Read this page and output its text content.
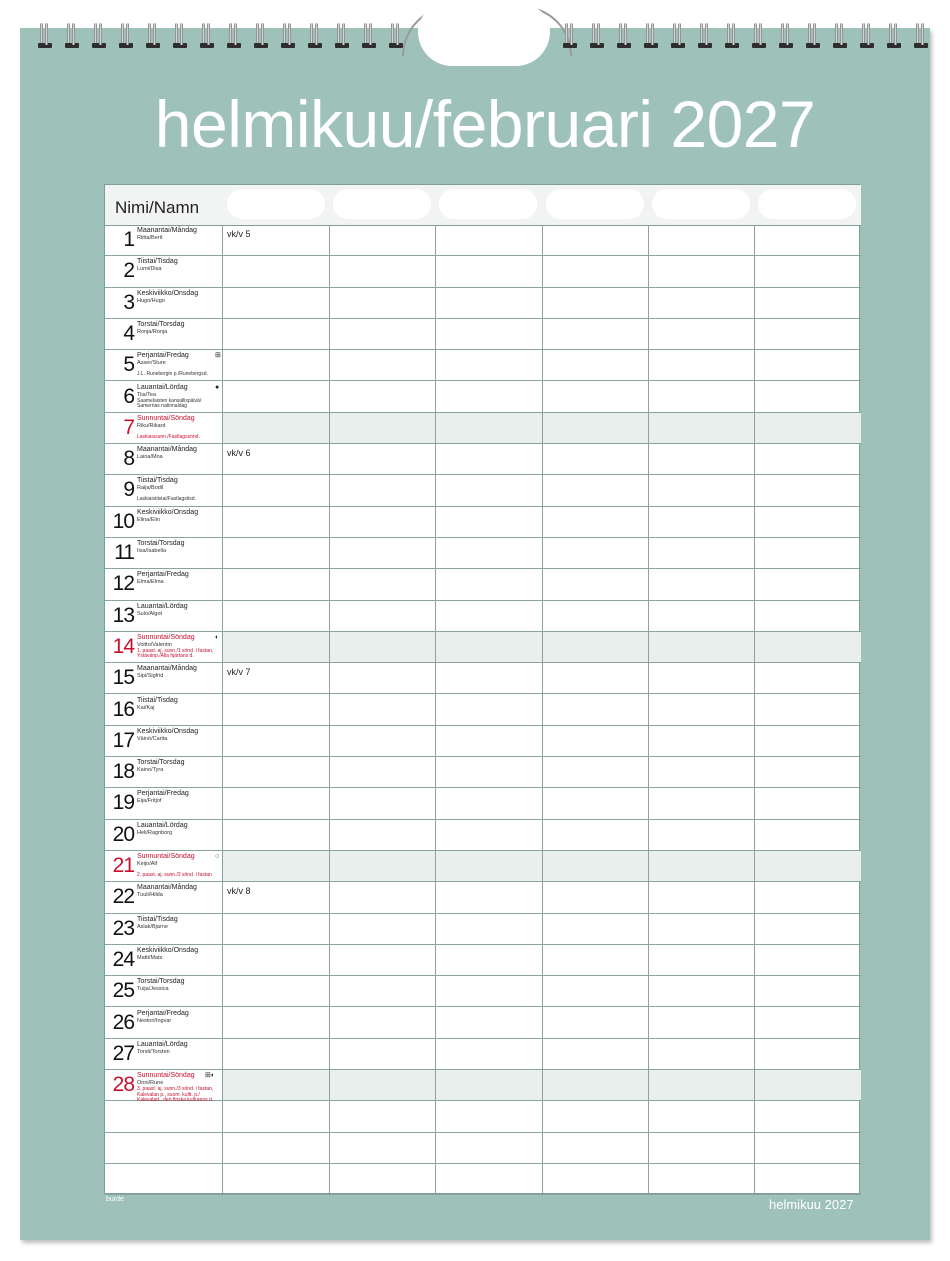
helmikuu/februari 2027
Nimi/Namn
1 Maanantai/Måndag
Riitta/Berit	vk/v 5
2 Tiistai/Tisdag
Lumi/Disa
3 Keskiviikko/Onsdag
Hugo/Hugo
4 Torstai/Torsdag
Ronja/Ronja
5 Perjantai/Fredag
Asser/Sture
J.L. Runebergin p./Runebergsd.
⊞
6 Lauantai/Lördag
Tiia/Tea
Saamelaisten kansallispäivä/
Samernas nationaldag
●
7 Sunnuntai/Söndag
Riku/Rikard
Laskiaissunn./Fastlagssönd.
8 Maanantai/Måndag
Laina/Moa	vk/v 6
9 Tiistai/Tisdag
Raija/Bodil
Laskiaistiistai/Fastlagstisd.
10 Keskiviikko/Onsdag
Elina/Elin
11 Torstai/Torsdag
Iisa/Isabella
12 Perjantai/Fredag
Elma/Elma
13 Lauantai/Lördag
Sulo/Algot
14 Sunnuntai/Söndag
Voitto/Valentin
1. paast. aj. sunn./1 sönd. i fastan,
Ystävänp./Alla hjärtans d.
◐
15 Maanantai/Måndag
Sipi/Sigfrid	vk/v 7
16 Tiistai/Tisdag
Kai/Kaj
17 Keskiviikko/Onsdag
Väinö/Carita
18 Torstai/Torsdag
Kaino/Tyra
19 Perjantai/Fredag
Eija/Fritjof
20 Lauantai/Lördag
Heli/Ragnborg
21 Sunnuntai/Söndag
Keijo/Alf
2. paast. aj. sunn./2 sönd. i fastan
○
22 Maanantai/Måndag
Tuuli/Hilda	vk/v 8
23 Tiistai/Tisdag
Aslak/Bjarne
24 Keskiviikko/Onsdag
Matti/Mats
25 Torstai/Torsdag
Tuija/Jessica
26 Perjantai/Fredag
Nestori/Ingvar
27 Lauantai/Lördag
Torsti/Torsten
28 Sunnuntai/Söndag
Onni/Rune
3. paast. aj. sunn./3 sönd. i fastan,
Kalevalan p., suom. kultt. p./
Kalevalad., den finska kulturens d.
⊞◐
burde	helmikuu 2027
